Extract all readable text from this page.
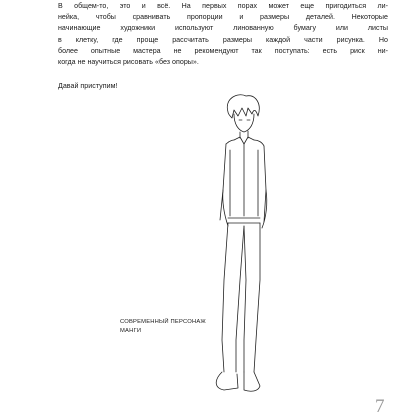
В общем-то, это и всё. На первых порах может еще пригодиться ли-
нейка, чтобы сравнивать пропорции и размеры деталей. Некоторые
начинающие художники используют линованную бумагу или листы
в клетку, где проще рассчитать размеры каждой части рисунка. Но
более опытные мастера не рекомендуют так поступать: есть риск ни-
когда не научиться рисовать «без опоры».
Давай приступим!
СОВРЕМЕННЫЙ ПЕРСОНАЖ
МАНГИ
7
